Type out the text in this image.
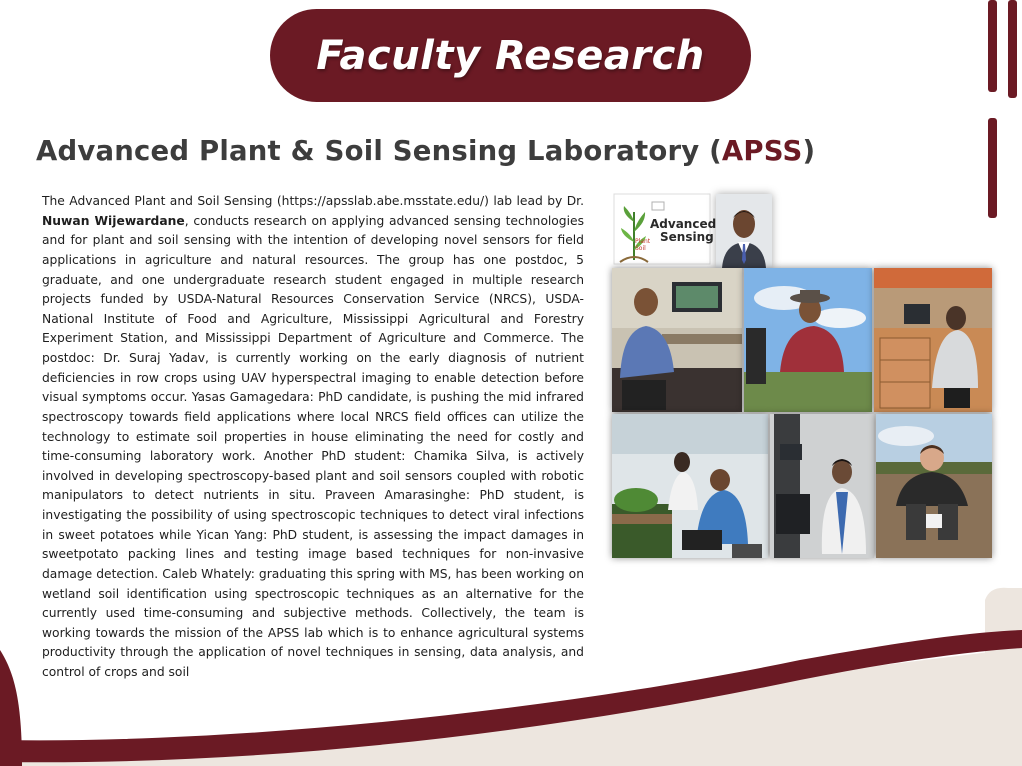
Faculty Research
Advanced Plant & Soil Sensing Laboratory (APSS)
The Advanced Plant and Soil Sensing (https://apsslab.abe.msstate.edu/) lab lead by Dr. Nuwan Wijewardane, conducts research on applying advanced sensing technologies and for plant and soil sensing with the intention of developing novel sensors for field applications in agriculture and natural resources. The group has one postdoc, 5 graduate, and one undergraduate research student engaged in multiple research projects funded by USDA-Natural Resources Conservation Service (NRCS), USDA-National Institute of Food and Agriculture, Mississippi Agricultural and Forestry Experiment Station, and Mississippi Department of Agriculture and Commerce. The postdoc: Dr. Suraj Yadav, is currently working on the early diagnosis of nutrient deficiencies in row crops using UAV hyperspectral imaging to enable detection before visual symptoms occur. Yasas Gamagedara: PhD candidate, is pushing the mid infrared spectroscopy towards field applications where local NRCS field offices can utilize the technology to estimate soil properties in house eliminating the need for costly and time-consuming laboratory work. Another PhD student: Chamika Silva, is actively involved in developing spectroscopy-based plant and soil sensors coupled with robotic manipulators to detect nutrients in situ. Praveen Amarasinghe: PhD student, is investigating the possibility of using spectroscopic techniques to detect viral infections in sweet potatoes while Yican Yang: PhD student, is assessing the impact damages in sweetpotato packing lines and testing image based techniques for non-invasive damage detection. Caleb Whately: graduating this spring with MS, has been working on wetland soil identification using spectroscopic techniques as an alternative for the currently used time-consuming and subjective methods. Collectively, the team is working towards the mission of the APSS lab which is to enhance agricultural systems productivity through the application of novel techniques in sensing, data analysis, and control of crops and soil
Advanced
Sensing
Plant
Soil
